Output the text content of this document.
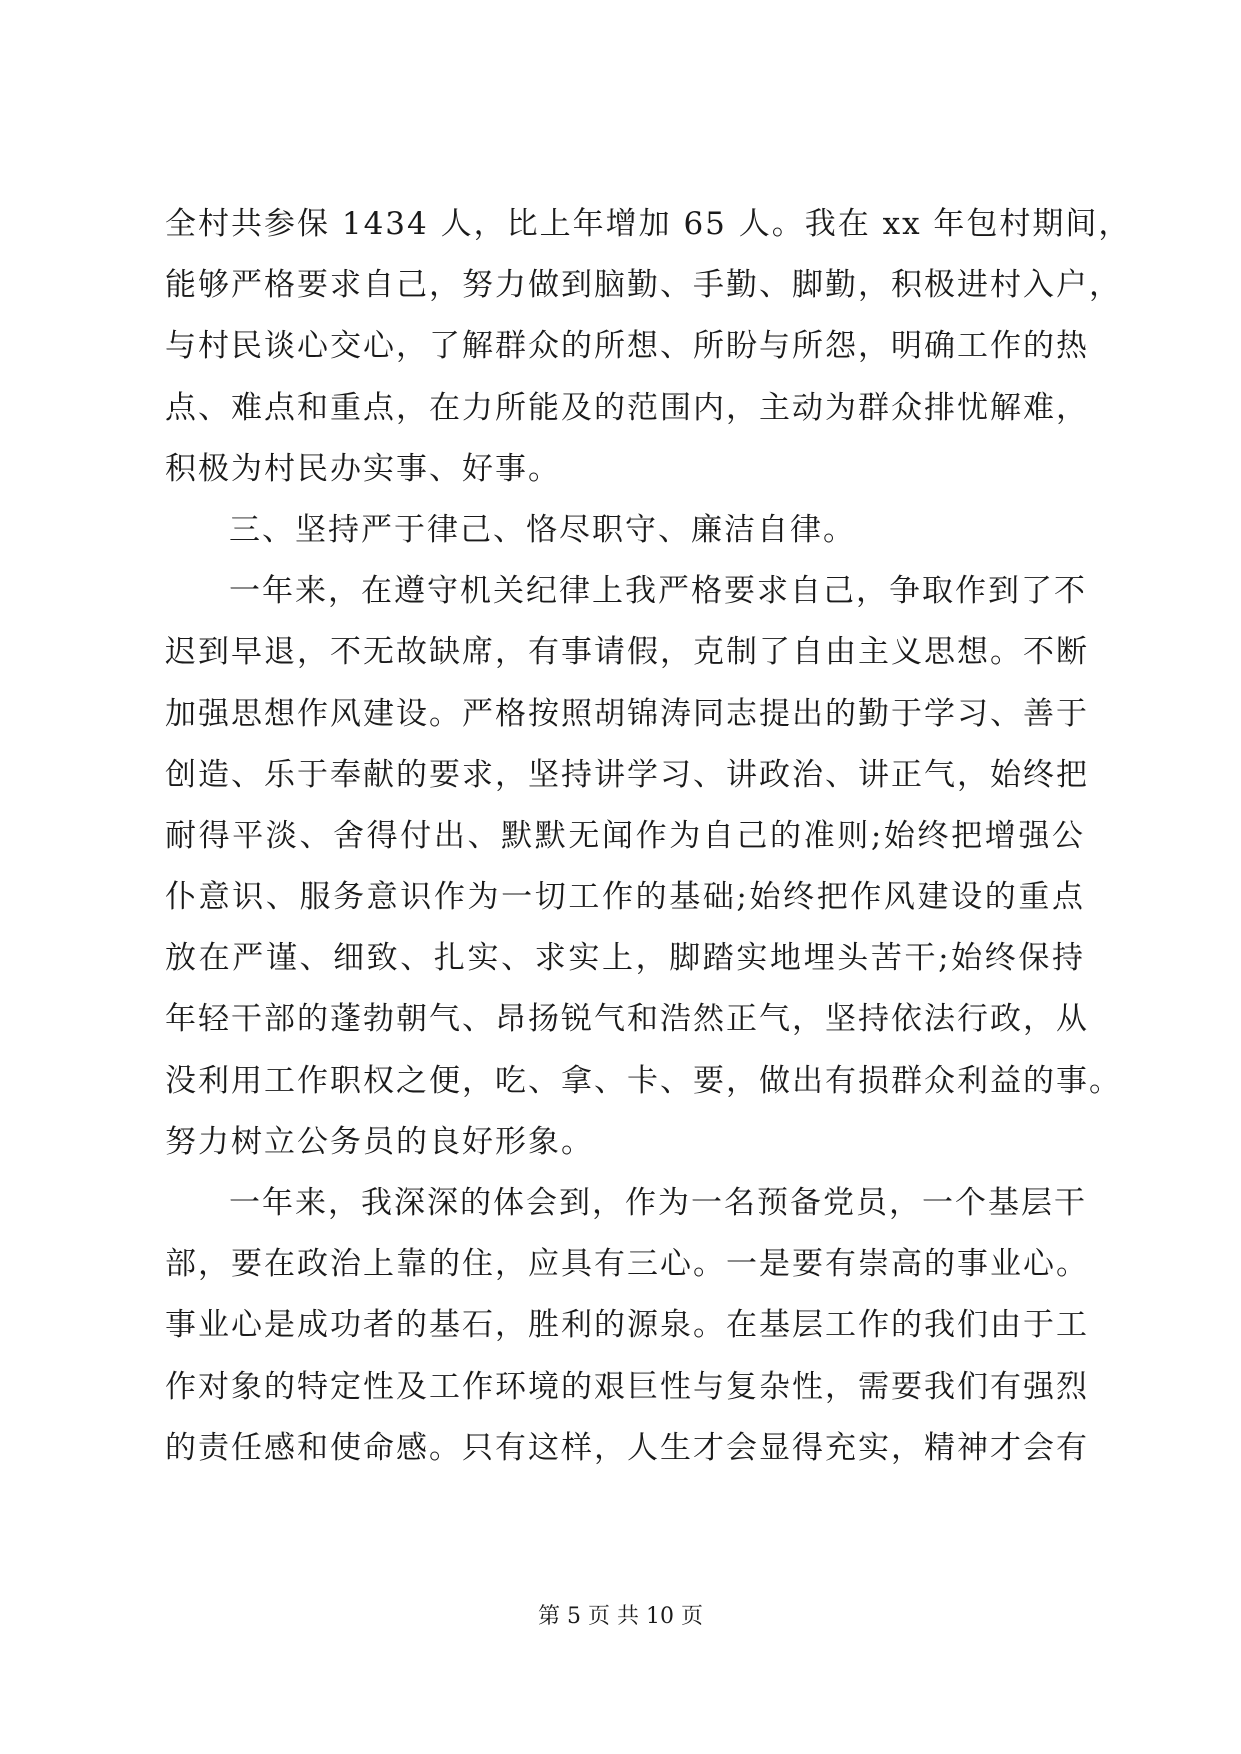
全村共参保 1434 人，比上年增加 65 人。我在 xx 年包村期间，
能够严格要求自己，努力做到脑勤、手勤、脚勤，积极进村入户，
与村民谈心交心，了解群众的所想、所盼与所怨，明确工作的热
点、难点和重点，在力所能及的范围内，主动为群众排忧解难，
积极为村民办实事、好事。
三、坚持严于律己、恪尽职守、廉洁自律。
一年来，在遵守机关纪律上我严格要求自己，争取作到了不
迟到早退，不无故缺席，有事请假，克制了自由主义思想。不断
加强思想作风建设。严格按照胡锦涛同志提出的勤于学习、善于
创造、乐于奉献的要求，坚持讲学习、讲政治、讲正气，始终把
耐得平淡、舍得付出、默默无闻作为自己的准则;始终把增强公
仆意识、服务意识作为一切工作的基础;始终把作风建设的重点
放在严谨、细致、扎实、求实上，脚踏实地埋头苦干;始终保持
年轻干部的蓬勃朝气、昂扬锐气和浩然正气，坚持依法行政，从
没利用工作职权之便，吃、拿、卡、要，做出有损群众利益的事。
努力树立公务员的良好形象。
一年来，我深深的体会到，作为一名预备党员，一个基层干
部，要在政治上靠的住，应具有三心。一是要有崇高的事业心。
事业心是成功者的基石，胜利的源泉。在基层工作的我们由于工
作对象的特定性及工作环境的艰巨性与复杂性，需要我们有强烈
的责任感和使命感。只有这样，人生才会显得充实，精神才会有
第 5 页 共 10 页
